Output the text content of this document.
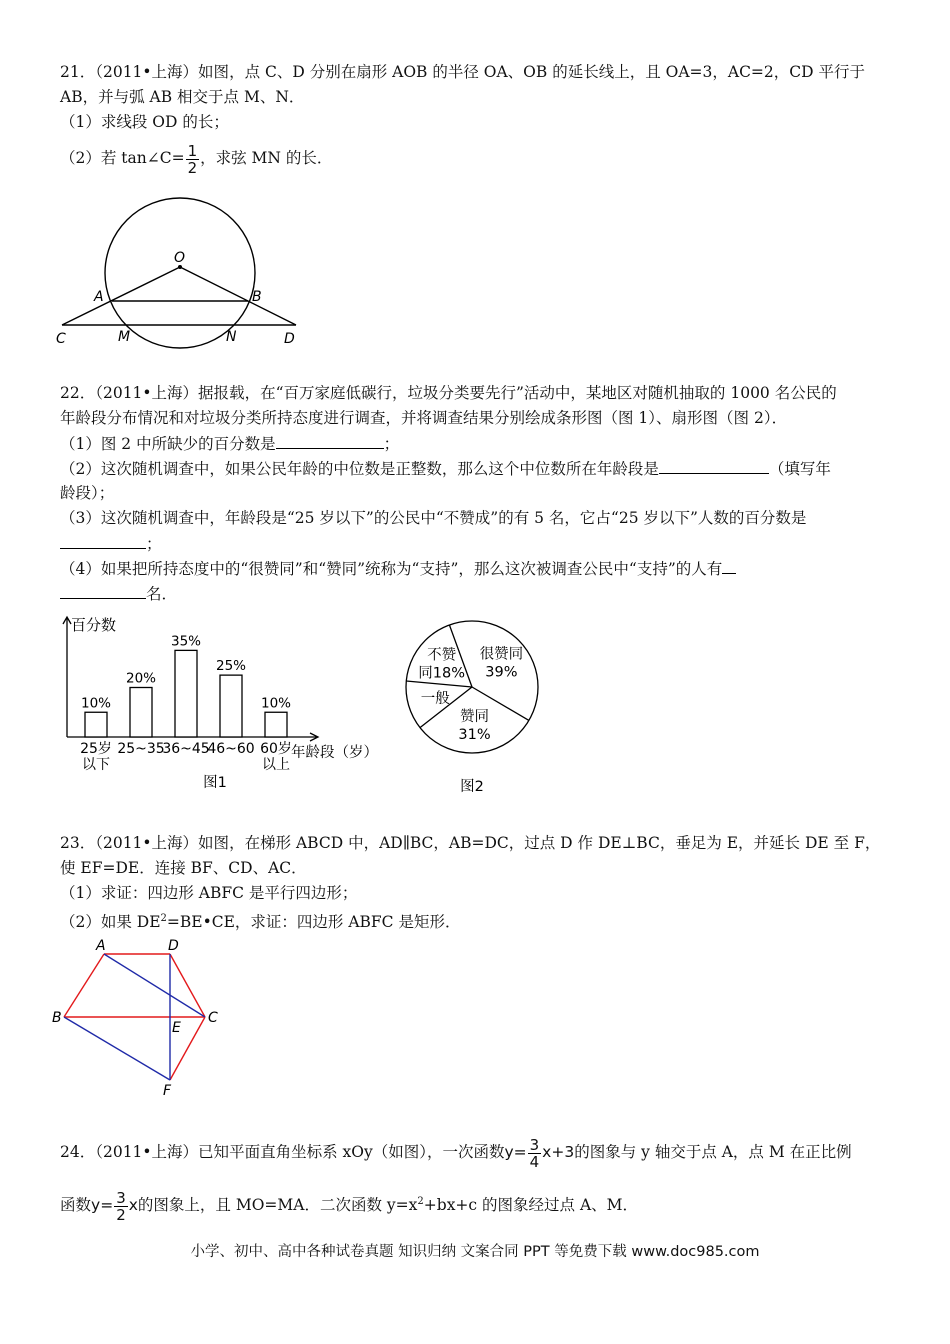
21．（2011•上海）如图，点 C、D 分别在扇形 AOB 的半径 OA、OB 的延长线上，且 OA=3，AC=2，CD 平行于
AB，并与弧 AB 相交于点 M、N．
（1）求线段 OD 的长；
（2）若 tan∠C= $\frac{1}{2}$ ，求弦 MN 的长．
O
A	B
C	M	N	D
22．（2011•上海）据报载，在“百万家庭低碳行，垃圾分类要先行”活动中，某地区对随机抽取的 1000 名公民的
年龄段分布情况和对垃圾分类所持态度进行调查，并将调查结果分别绘成条形图（图 1）、扇形图（图 2）．
（1）图 2 中所缺少的百分数是	；
（2）这次随机调查中，如果公民年龄的中位数是正整数，那么这个中位数所在年龄段是	（填写年
龄段）；
（3）这次随机调查中，年龄段是“25 岁以下”的公民中“不赞成”的有 5 名，它占“25 岁以下”人数的百分数是
；
（4）如果把所持态度中的“很赞同”和“赞同”统称为“支持”，那么这次被调查公民中“支持”的人有
名．
百分数
年龄段（岁）
10%
25岁
以下
20%
25~35
35%
36~45
25%
46~60
10%
60岁
以上
图1
很赞同
39%
赞同
31%
一般
不赞
同18%
图2
23．（2011•上海）如图，在梯形 ABCD 中，AD∥BC，AB=DC，过点 D 作 DE⊥BC，垂足为 E，并延长 DE 至 F，
使 EF=DE．连接 BF、CD、AC．
（1）求证：四边形 ABFC 是平行四边形；
（2）如果 $DE^2=BE•CE$，求证：四边形 ABFC 是矩形．
A	D
B
E
C
F
24．（2011•上海）已知平面直角坐标系 xOy（如图），一次函数$y= \frac{3}{4} x+3$的图象与 y 轴交于点 A，点 M 在正比例
函数$y= \frac{3}{2}$ x的图象上，且 MO=MA．二次函数 $y=x^2+bx+c$ 的图象经过点 A、M．
小学、初中、高中各种试卷真题 知识归纳 文案合同 PPT 等免费下载 www.doc985.com
